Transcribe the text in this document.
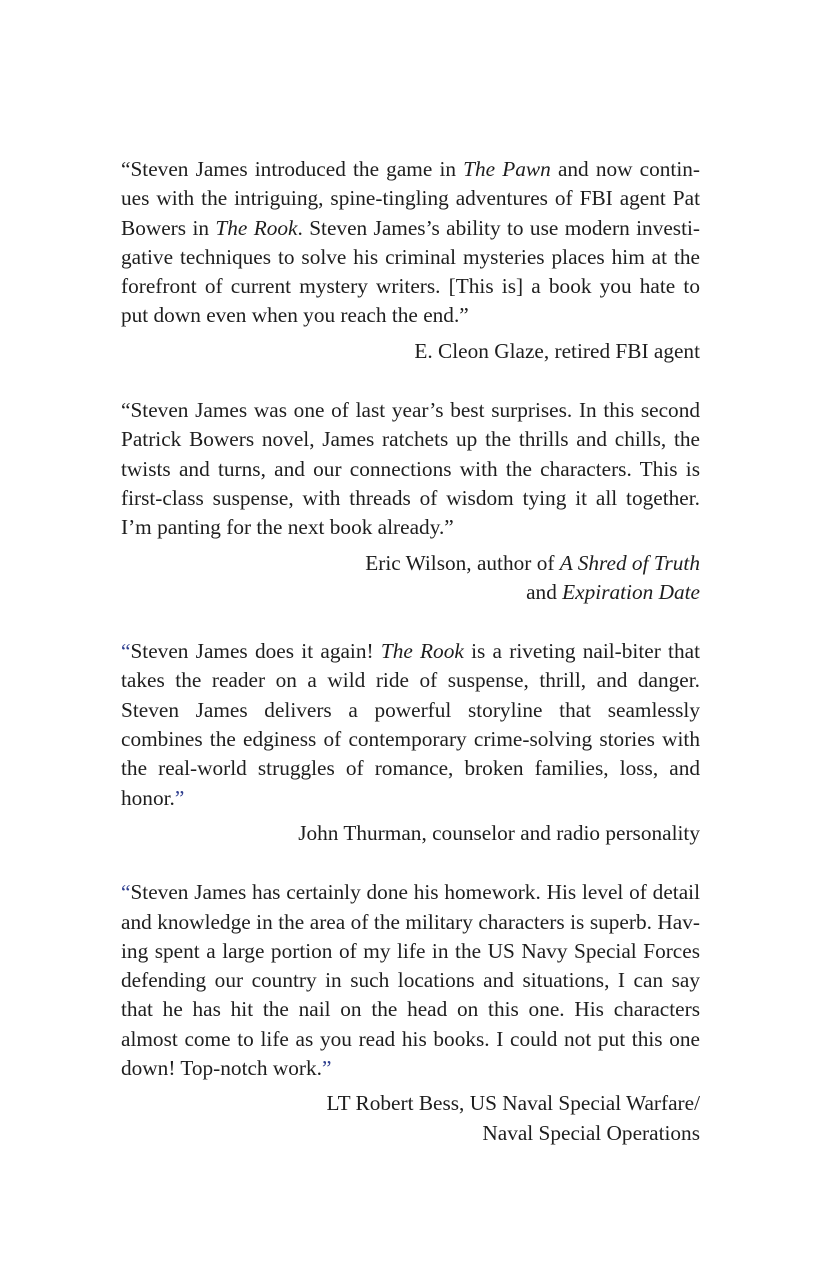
“Steven James introduced the game in The Pawn and now contin-ues with the intriguing, spine-tingling adventures of FBI agent Pat Bowers in The Rook. Steven James’s ability to use modern investi-gative techniques to solve his criminal mysteries places him at the forefront of current mystery writers. [This is] a book you hate to put down even when you reach the end.”

E. Cleon Glaze, retired FBI agent

“Steven James was one of last year’s best surprises. In this second Patrick Bowers novel, James ratchets up the thrills and chills, the twists and turns, and our connections with the characters. This is first-class suspense, with threads of wisdom tying it all together. I’m panting for the next book already.”

Eric Wilson, author of A Shred of Truth
and Expiration Date

“Steven James does it again! The Rook is a riveting nail-biter that takes the reader on a wild ride of suspense, thrill, and danger. Steven James delivers a powerful storyline that seamlessly combines the edginess of contemporary crime-solving stories with the real-world struggles of romance, broken families, loss, and honor.”

John Thurman, counselor and radio personality

“Steven James has certainly done his homework. His level of detail and knowledge in the area of the military characters is superb. Hav-ing spent a large portion of my life in the US Navy Special Forces defending our country in such locations and situations, I can say that he has hit the nail on the head on this one. His characters almost come to life as you read his books. I could not put this one down! Top-notch work.”

LT Robert Bess, US Naval Special Warfare/
Naval Special Operations
